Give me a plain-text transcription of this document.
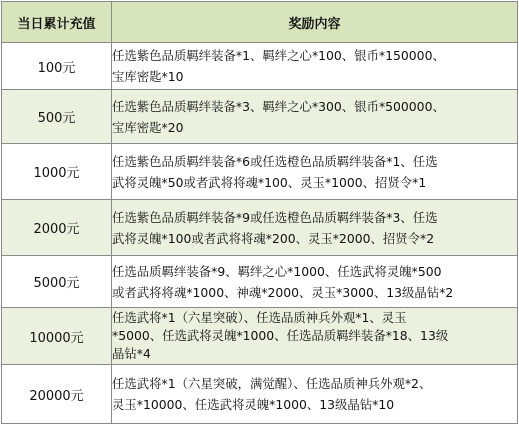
当日累计充值	奖励内容
100元	任选紫色品质羁绊装备*1、羁绊之心*100、银币*150000、
宝库密匙*10

500元	任选紫色品质羁绊装备*3、羁绊之心*300、银币*500000、
宝库密匙*20

1000元	任选紫色品质羁绊装备*6或任选橙色品质羁绊装备*1、任选
武将灵魄*50或者武将将魂*100、灵玉*1000、招贤令*1

2000元	任选紫色品质羁绊装备*9或任选橙色品质羁绊装备*3、任选
武将灵魄*100或者武将将魂*200、灵玉*2000、招贤令*2

5000元	任选品质羁绊装备*9、羁绊之心*1000、任选武将灵魄*500
或者武将将魂*1000、神魂*2000、灵玉*3000、13级晶钻*2

10000元	任选武将*1（六星突破）、任选品质神兵外观*1、灵玉
*5000、任选武将灵魄*1000、任选品质羁绊装备*18、13级
晶钻*4

20000元	任选武将*1（六星突破，满觉醒）、任选品质神兵外观*2、
灵玉*10000、任选武将灵魄*1000、13级晶钻*10
